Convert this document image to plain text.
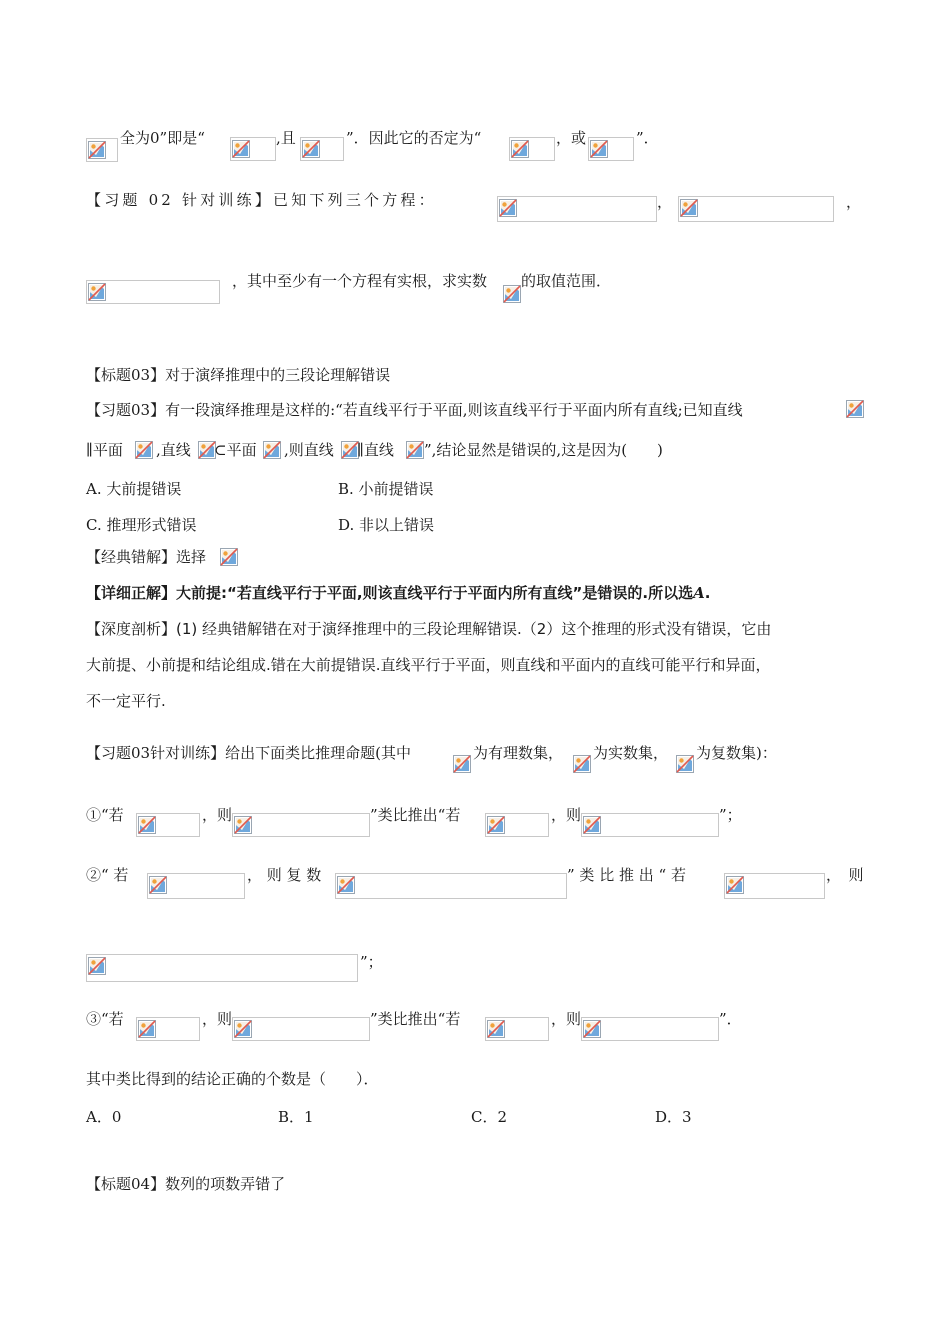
全为0”即是“	,且	”．因此它的否定为“	，或	”．
【习题 02 针对训练】已知下列三个方程：	，	，
，其中至少有一个方程有实根，求实数 的取值范围．
【标题03】对于演绎推理中的三段论理解错误
【习题03】有一段演绎推理是这样的:“若直线平行于平面,则该直线平行于平面内所有直线;已知直线
∥平面 ,直线 ⊂平面 ,则直线 ∥直线 ”,结论显然是错误的,这是因为(　　)
A. 大前提错误	B. 小前提错误
C. 推理形式错误	D. 非以上错误
【经典错解】选择
【详细正解】大前提:“若直线平行于平面,则该直线平行于平面内所有直线”是错误的.所以选A.
【深度剖析】(1) 经典错解错在对于演绎推理中的三段论理解错误.（2）这个推理的形式没有错误，它由
大前提、小前提和结论组成.错在大前提错误.直线平行于平面，则直线和平面内的直线可能平行和异面，
不一定平行.
【习题03针对训练】给出下面类比推理命题(其中	为有理数集， 为实数集， 为复数集)：
①“若	，则	”类比推出“若	，则	”；
②“ 若	， 则 复 数	” 类 比 推 出 “ 若	，　则
”；
③“若	，则	”类比推出“若	，则	”．
其中类比得到的结论正确的个数是（　　）．
A．0	B．1	C．2	D．3
【标题04】数列的项数弄错了
